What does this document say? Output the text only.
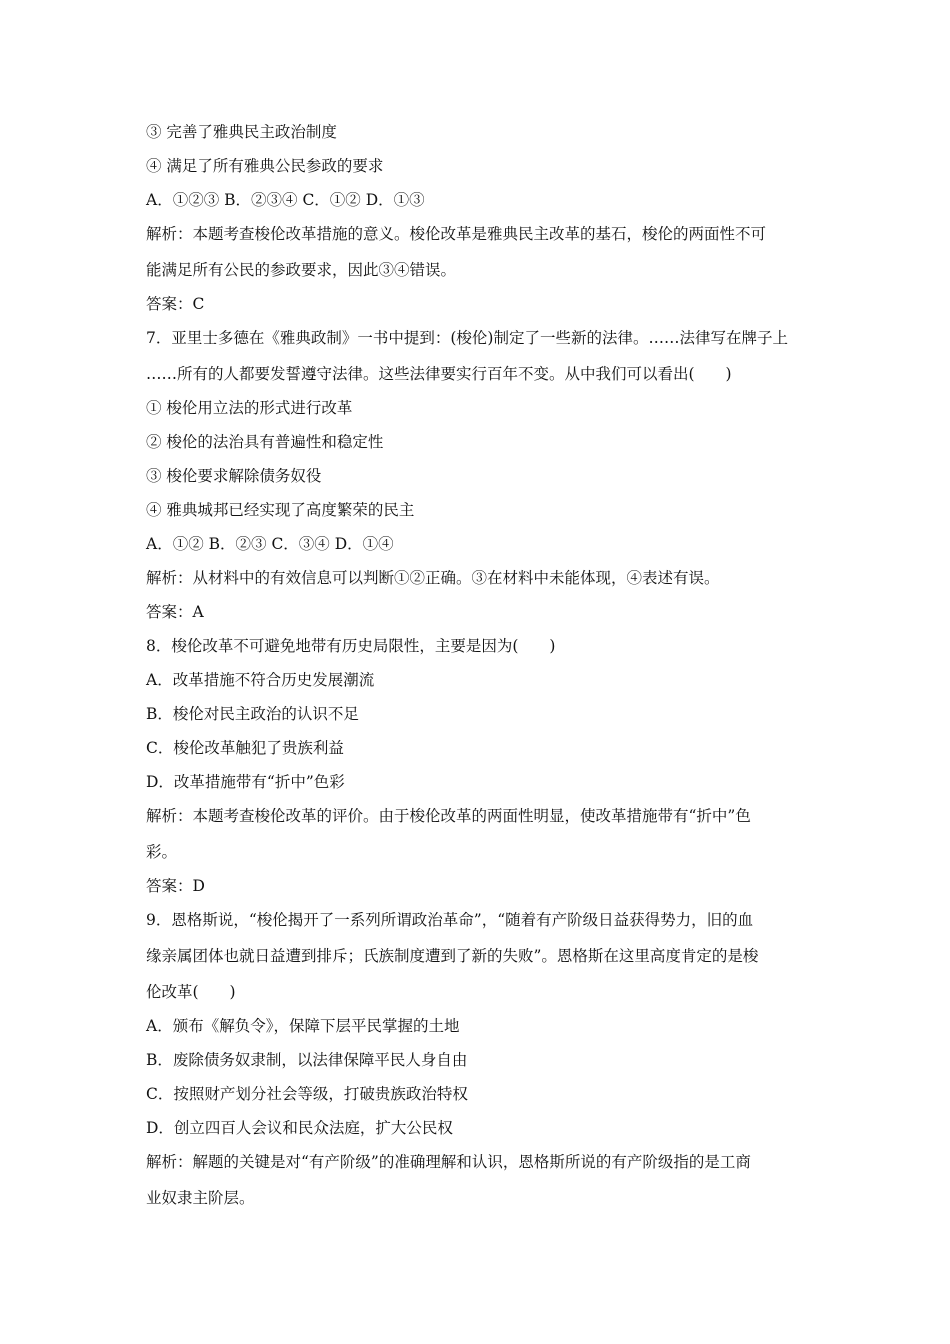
③ 完善了雅典民主政治制度

④ 满足了所有雅典公民参政的要求

A．①②③ B．②③④ C．①② D．①③

解析：本题考查梭伦改革措施的意义。梭伦改革是雅典民主改革的基石，梭伦的两面性不可

能满足所有公民的参政要求，因此③④错误。

答案：C

7．亚里士多德在《雅典政制》一书中提到：(梭伦)制定了一些新的法律。……法律写在牌子上

……所有的人都要发誓遵守法律。这些法律要实行百年不变。从中我们可以看出(　　)

① 梭伦用立法的形式进行改革

② 梭伦的法治具有普遍性和稳定性

③ 梭伦要求解除债务奴役

④ 雅典城邦已经实现了高度繁荣的民主

A．①② B．②③ C．③④ D．①④

解析：从材料中的有效信息可以判断①②正确。③在材料中未能体现，④表述有误。

答案：A

8．梭伦改革不可避免地带有历史局限性，主要是因为(　　)

A．改革措施不符合历史发展潮流

B．梭伦对民主政治的认识不足

C．梭伦改革触犯了贵族利益

D．改革措施带有“折中”色彩

解析：本题考查梭伦改革的评价。由于梭伦改革的两面性明显，使改革措施带有“折中”色

彩。

答案：D

9．恩格斯说，“梭伦揭开了一系列所谓政治革命”，“随着有产阶级日益获得势力，旧的血

缘亲属团体也就日益遭到排斥；氏族制度遭到了新的失败”。恩格斯在这里高度肯定的是梭

伦改革(　　)

A．颁布《解负令》，保障下层平民掌握的土地

B．废除债务奴隶制，以法律保障平民人身自由

C．按照财产划分社会等级，打破贵族政治特权

D．创立四百人会议和民众法庭，扩大公民权

解析：解题的关键是对“有产阶级”的准确理解和认识，恩格斯所说的有产阶级指的是工商

业奴隶主阶层。
